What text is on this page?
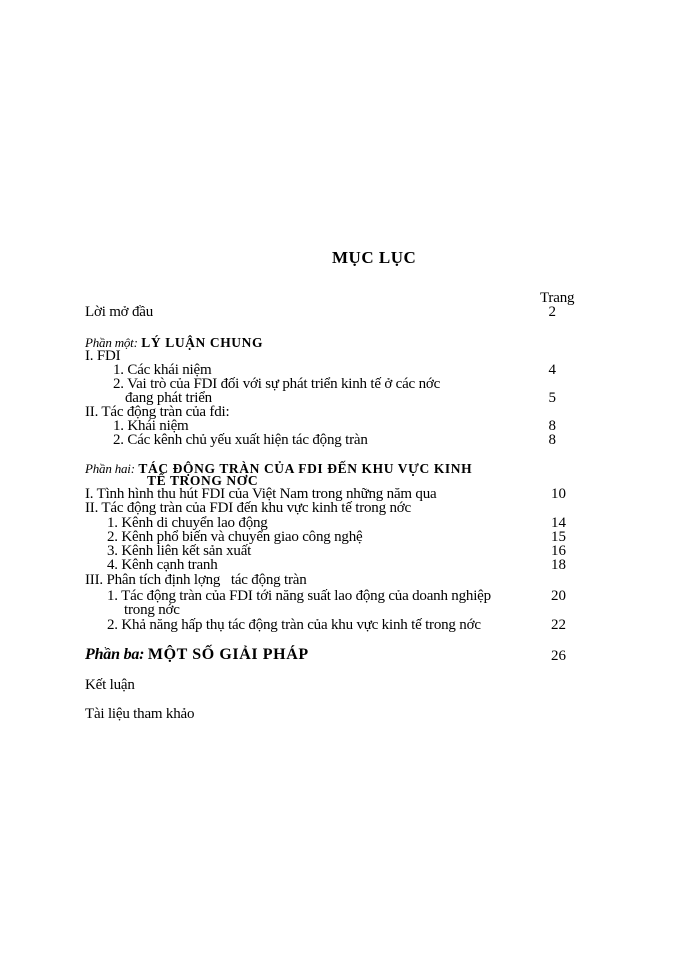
MỤC LỤC
Trang
Lời mở đầu	2
Phần một: LÝ LUẬN CHUNG
I. FDI
1. Các khái niệm	4
2. Vai trò của FDI đối với sự phát triển kinh tế ở các nớc
đang phát triển	5
II. Tác động tràn của fdi:
1. Khái niệm	8
2. Các kênh chủ yếu xuất hiện tác động tràn	8
Phần hai: TÁC ĐỘNG TRÀN CỦA FDI ĐẾN KHU VỰC KINH
TẾ TRONG NƠC
I. Tình hình thu hút FDI của Việt Nam trong những năm qua	10
II. Tác động tràn của FDI đến khu vực kinh tế trong nớc
1. Kênh di chuyển lao động	14
2. Kênh phổ biến và chuyển giao công nghệ	15
3. Kênh liên kết sản xuất	16
4. Kênh cạnh tranh	18
III. Phân tích định lợng   tác động tràn
1. Tác động tràn của FDI tới năng suất lao động của doanh nghiệp	20
trong nớc
2. Khả năng hấp thụ tác động tràn của khu vực kinh tế trong nớc	22
Phần ba: MỘT SỐ GIẢI PHÁP	26
Kết luận
Tài liệu tham khảo
